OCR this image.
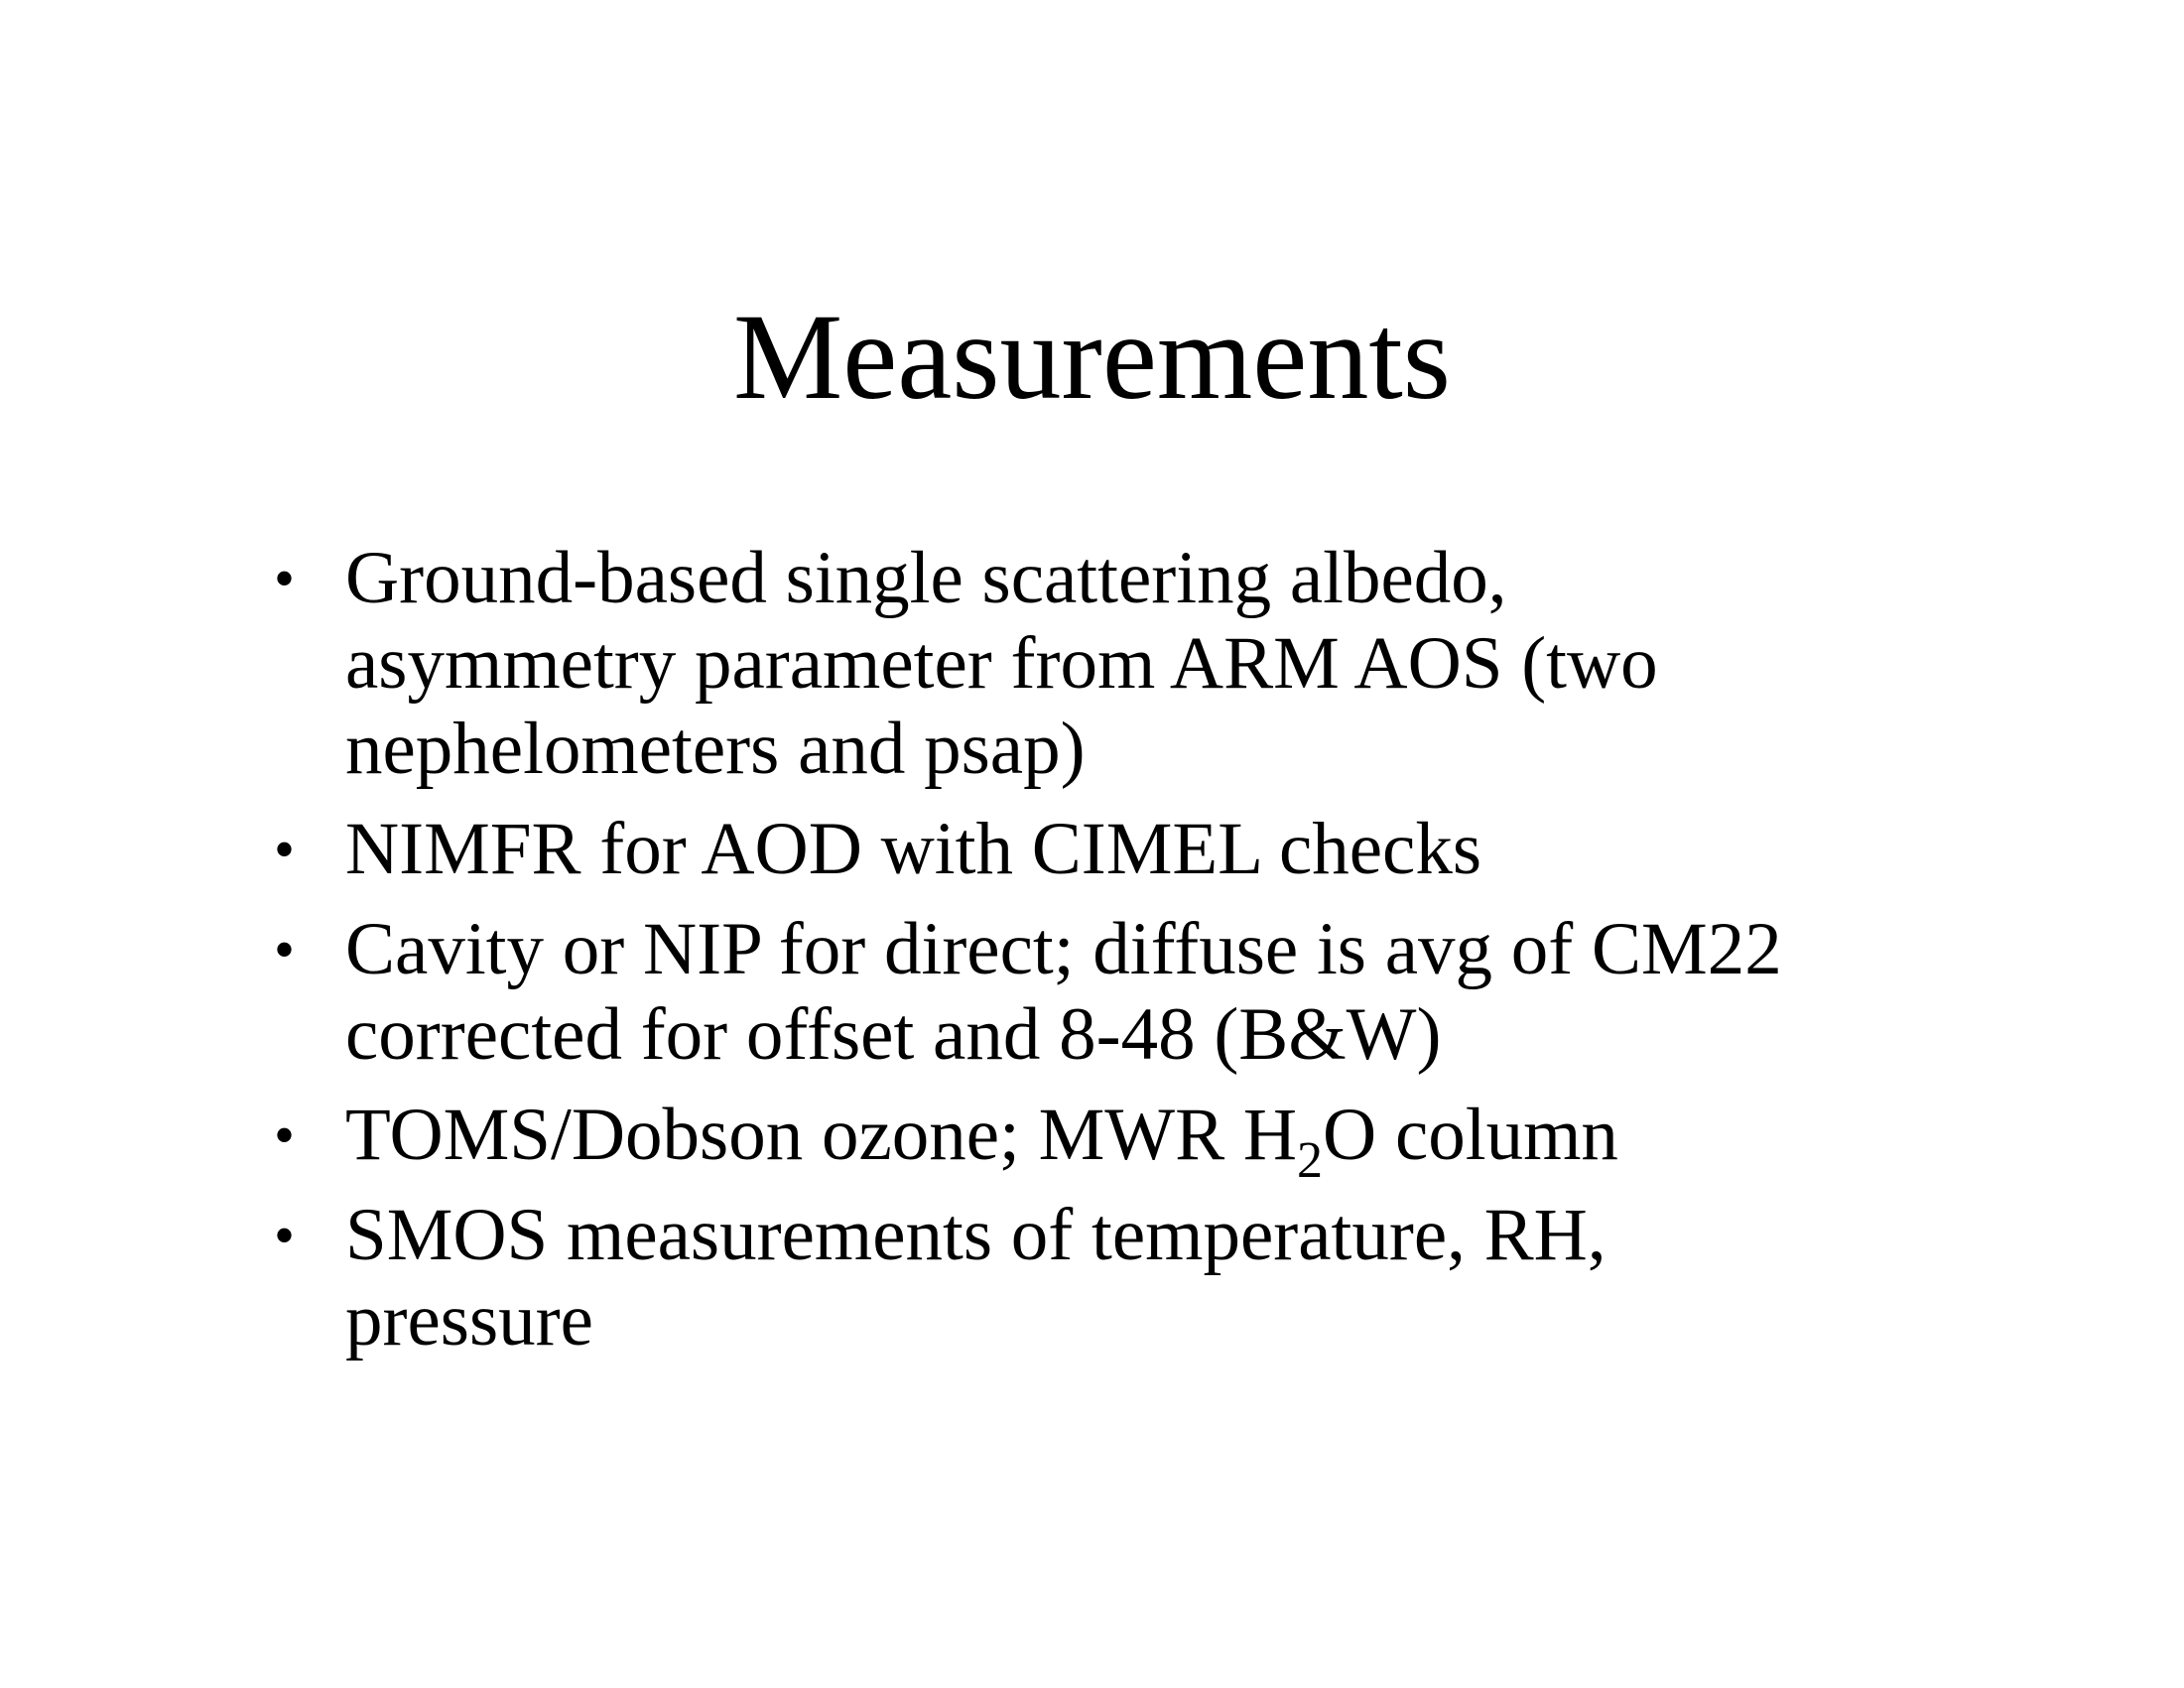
Measurements
• Ground-based single scattering albedo,
asymmetry parameter from ARM AOS (two
nephelometers and psap)
• NIMFR for AOD with CIMEL checks
• Cavity or NIP for direct; diffuse is avg of CM22
corrected for offset and 8-48 (B&W)
• TOMS/Dobson ozone; MWR $H_2O$ column
• SMOS measurements of temperature, RH,
pressure
